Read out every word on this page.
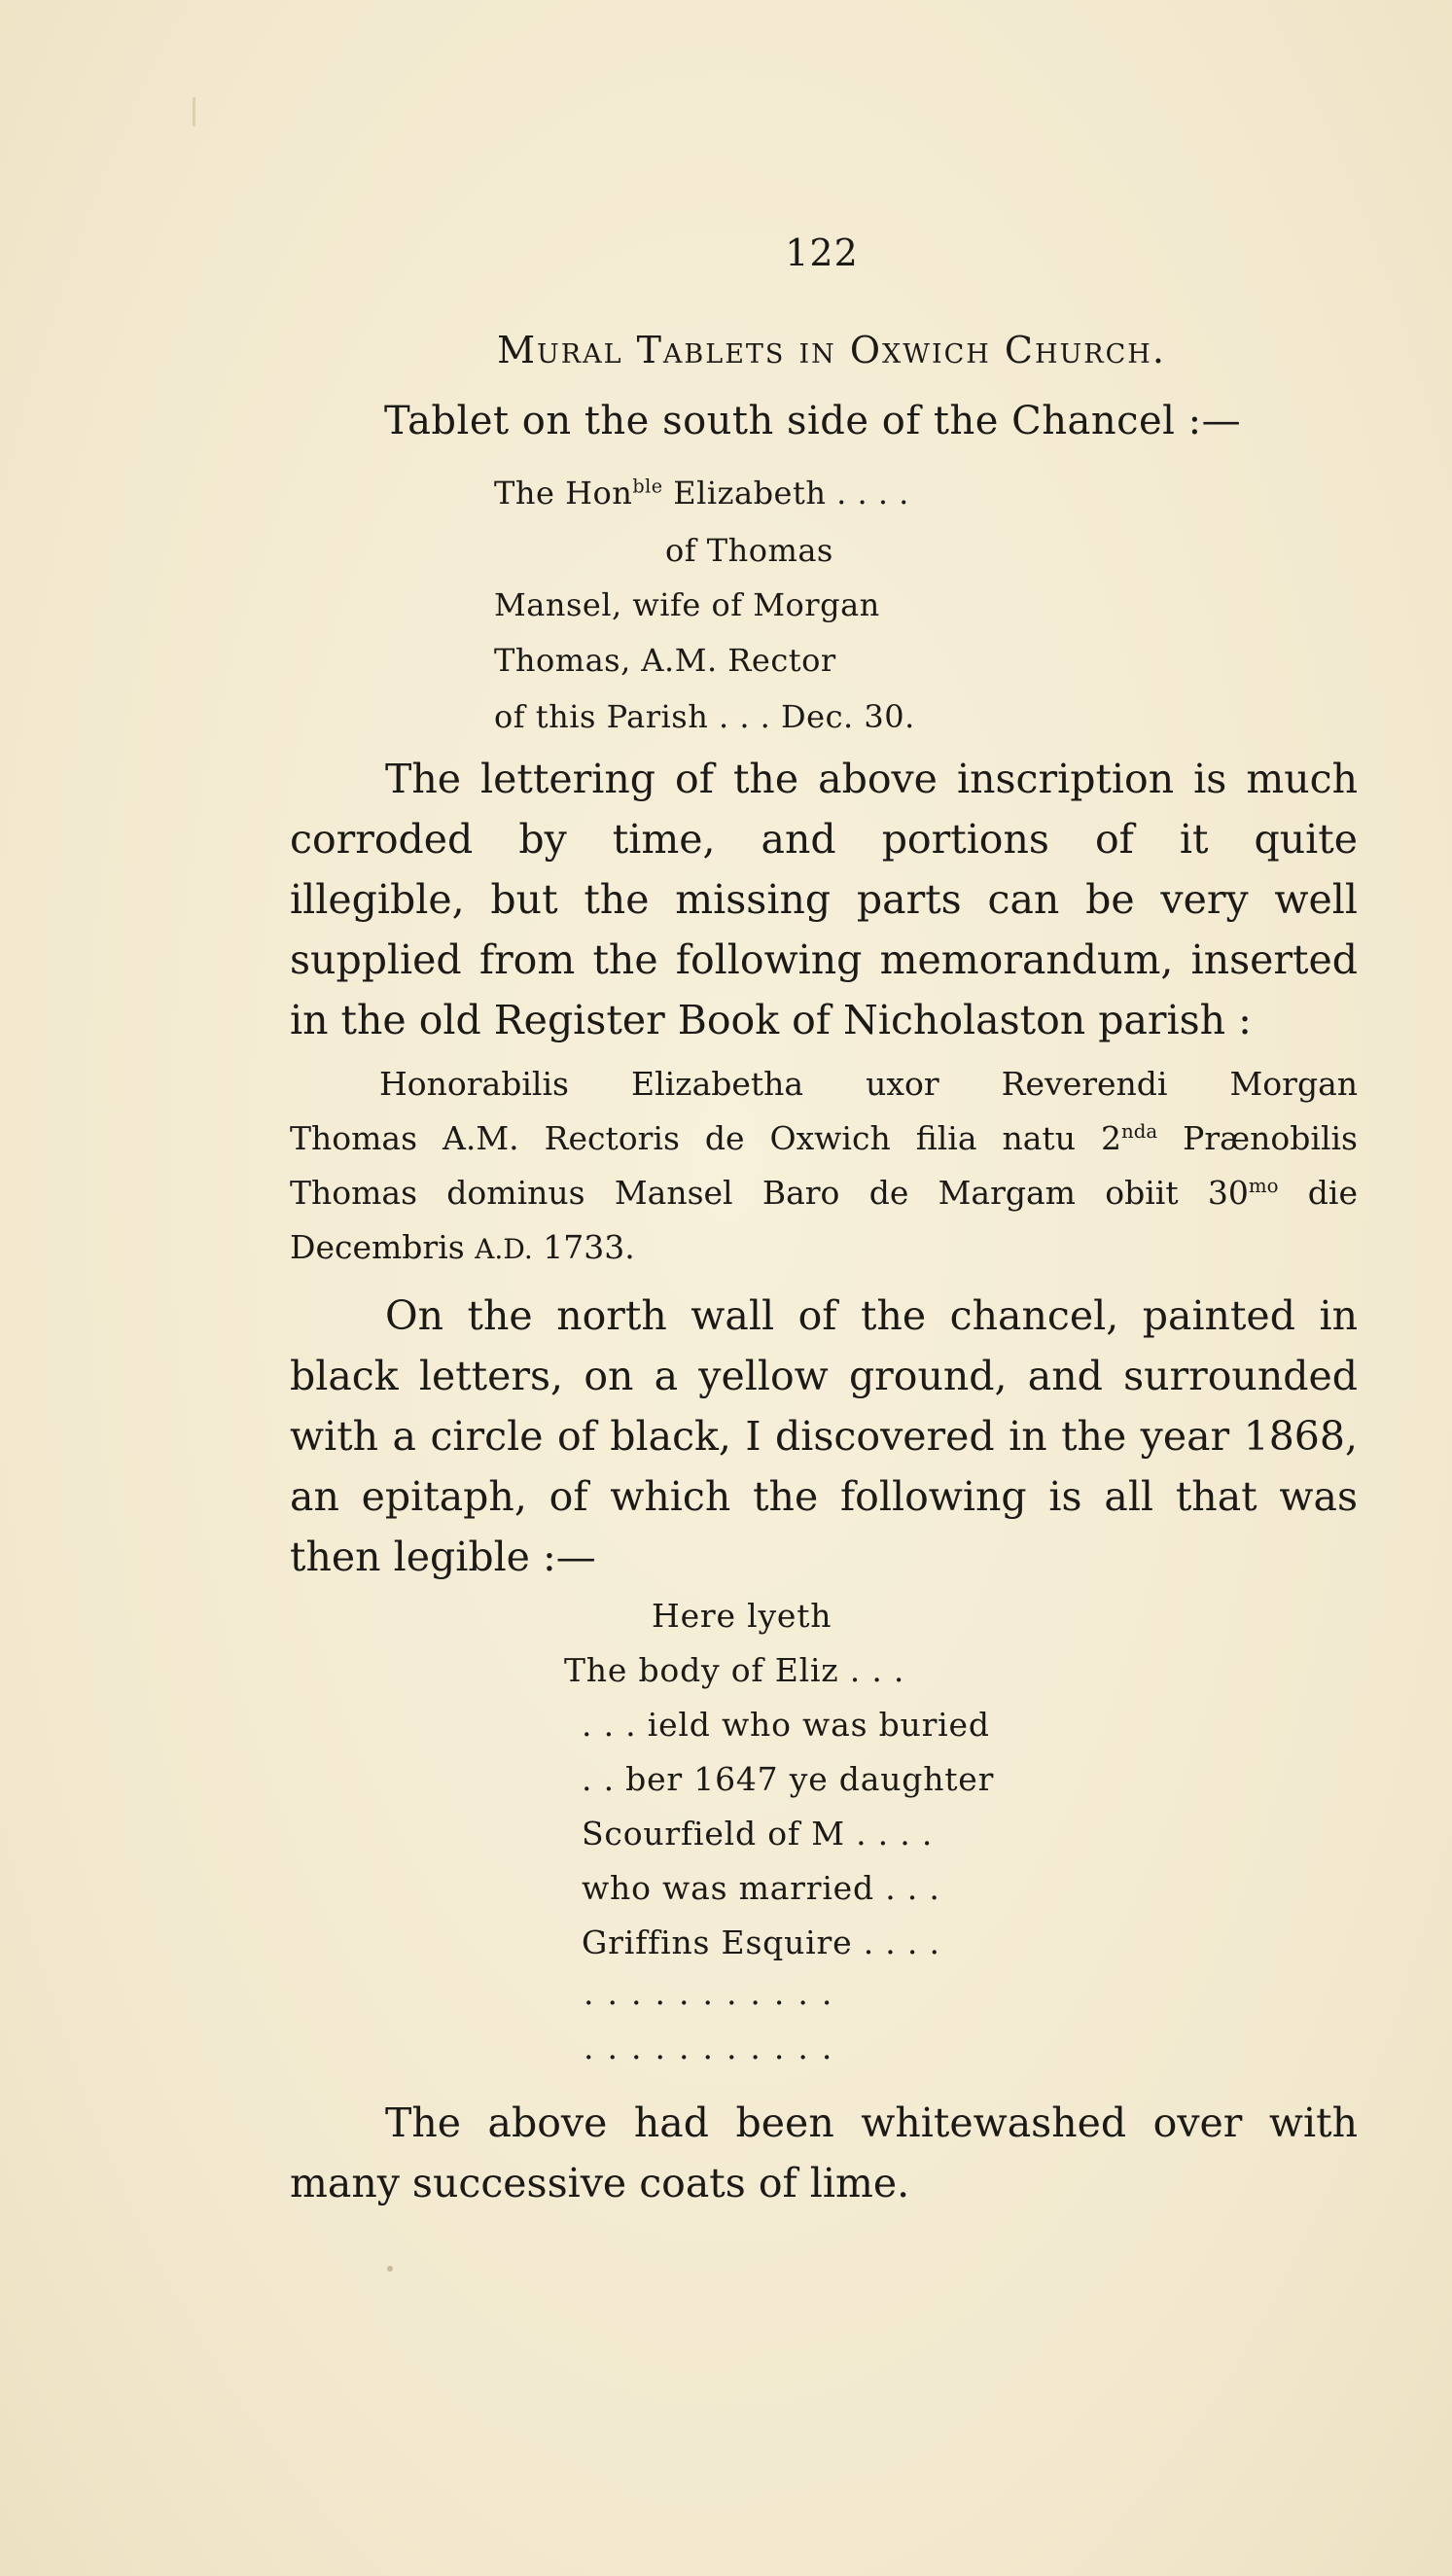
122
Mural Tablets in Oxwich Church.
Tablet on the south side of the Chancel :—
The Hon$^{ble}$ Elizabeth . . . .
of Thomas
Mansel, wife of Morgan
Thomas, A.M. Rector
of this Parish . . . Dec. 30.
The lettering of the above inscription is much
corroded by time, and portions of it quite
illegible, but the missing parts can be very well
supplied from the following memorandum, inserted
in the old Register Book of Nicholaston parish :
Honorabilis Elizabetha uxor Reverendi Morgan
Thomas A.M. Rectoris de Oxwich filia natu $2^{nda}$ Prænobilis
Thomas dominus Mansel Baro de Margam obiit $30^{mo}$ die
Decembris A.D. 1733.
On the north wall of the chancel, painted in
black letters, on a yellow ground, and surrounded
with a circle of black, I discovered in the year 1868,
an epitaph, of which the following is all that was
then legible :—
Here lyeth
The body of Eliz . . .
. . . ield who was buried
. . ber 1647 ye daughter
Scourfield of M . . . .
who was married . . .
Griffins Esquire . . . .
...........
...........
The above had been whitewashed over with
many successive coats of lime.
